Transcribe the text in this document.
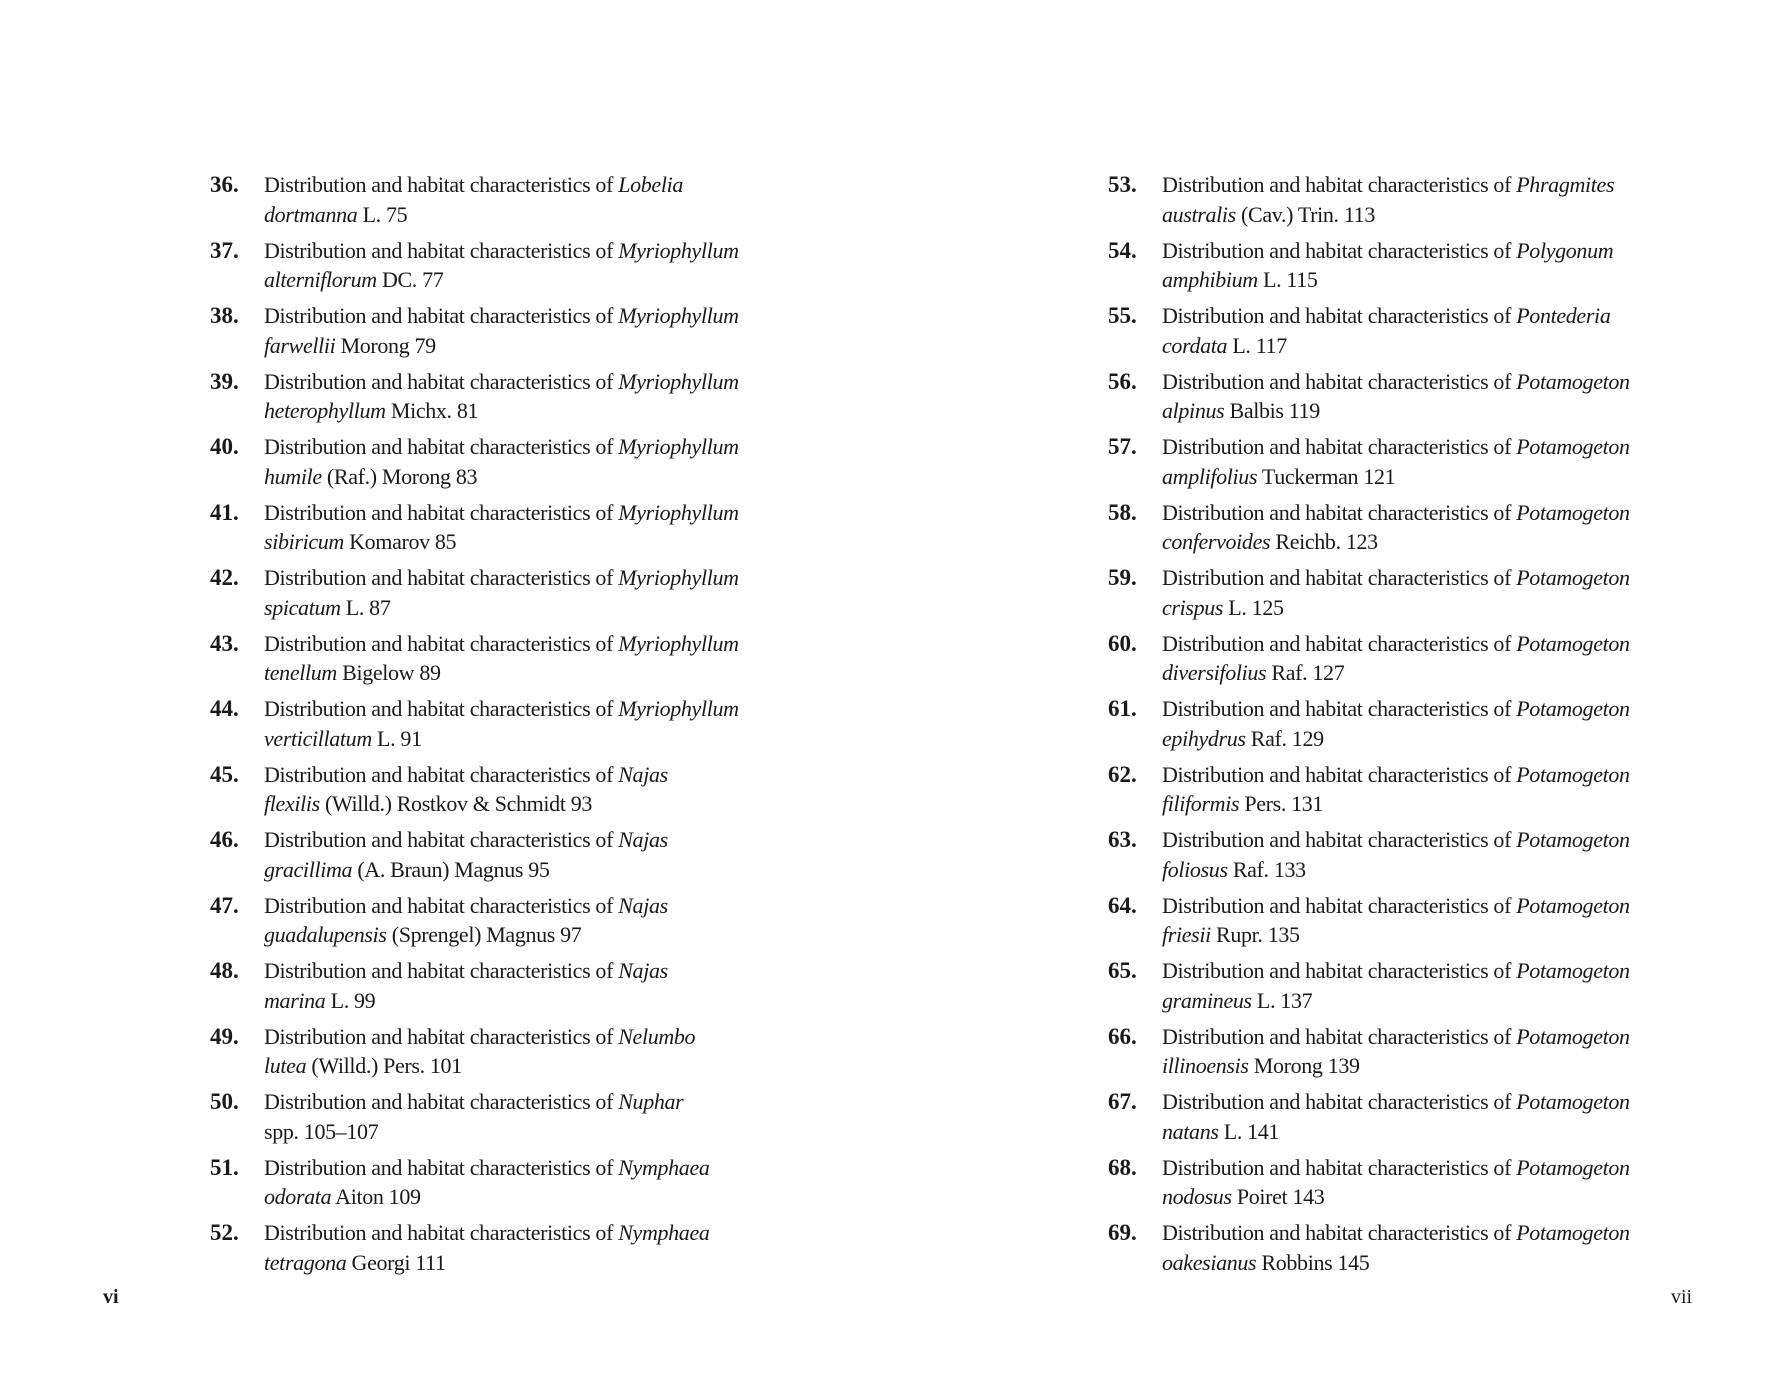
36.	Distribution and habitat characteristics of Lobelia
dortmanna L. 75
37.	Distribution and habitat characteristics of Myriophyllum
alterniflorum DC. 77
38.	Distribution and habitat characteristics of Myriophyllum
farwellii Morong 79
39.	Distribution and habitat characteristics of Myriophyllum
heterophyllum Michx. 81
40.	Distribution and habitat characteristics of Myriophyllum
humile (Raf.) Morong 83
41.	Distribution and habitat characteristics of Myriophyllum
sibiricum Komarov 85
42.	Distribution and habitat characteristics of Myriophyllum
spicatum L. 87
43.	Distribution and habitat characteristics of Myriophyllum
tenellum Bigelow 89
44.	Distribution and habitat characteristics of Myriophyllum
verticillatum L. 91
45.	Distribution and habitat characteristics of Najas
flexilis (Willd.) Rostkov & Schmidt 93
46.	Distribution and habitat characteristics of Najas
gracillima (A. Braun) Magnus 95
47.	Distribution and habitat characteristics of Najas
guadalupensis (Sprengel) Magnus 97
48.	Distribution and habitat characteristics of Najas
marina L. 99
49.	Distribution and habitat characteristics of Nelumbo
lutea (Willd.) Pers. 101
50.	Distribution and habitat characteristics of Nuphar
spp. 105–107
51.	Distribution and habitat characteristics of Nymphaea
odorata Aiton 109
52.	Distribution and habitat characteristics of Nymphaea
tetragona Georgi 111
vi
53.	Distribution and habitat characteristics of Phragmites
australis (Cav.) Trin. 113
54.	Distribution and habitat characteristics of Polygonum
amphibium L. 115
55.	Distribution and habitat characteristics of Pontederia
cordata L. 117
56.	Distribution and habitat characteristics of Potamogeton
alpinus Balbis 119
57.	Distribution and habitat characteristics of Potamogeton
amplifolius Tuckerman 121
58.	Distribution and habitat characteristics of Potamogeton
confervoides Reichb. 123
59.	Distribution and habitat characteristics of Potamogeton
crispus L. 125
60.	Distribution and habitat characteristics of Potamogeton
diversifolius Raf. 127
61.	Distribution and habitat characteristics of Potamogeton
epihydrus Raf. 129
62.	Distribution and habitat characteristics of Potamogeton
filiformis Pers. 131
63.	Distribution and habitat characteristics of Potamogeton
foliosus Raf. 133
64.	Distribution and habitat characteristics of Potamogeton
friesii Rupr. 135
65.	Distribution and habitat characteristics of Potamogeton
gramineus L. 137
66.	Distribution and habitat characteristics of Potamogeton
illinoensis Morong 139
67.	Distribution and habitat characteristics of Potamogeton
natans L. 141
68.	Distribution and habitat characteristics of Potamogeton
nodosus Poiret 143
69.	Distribution and habitat characteristics of Potamogeton
oakesianus Robbins 145
vii
